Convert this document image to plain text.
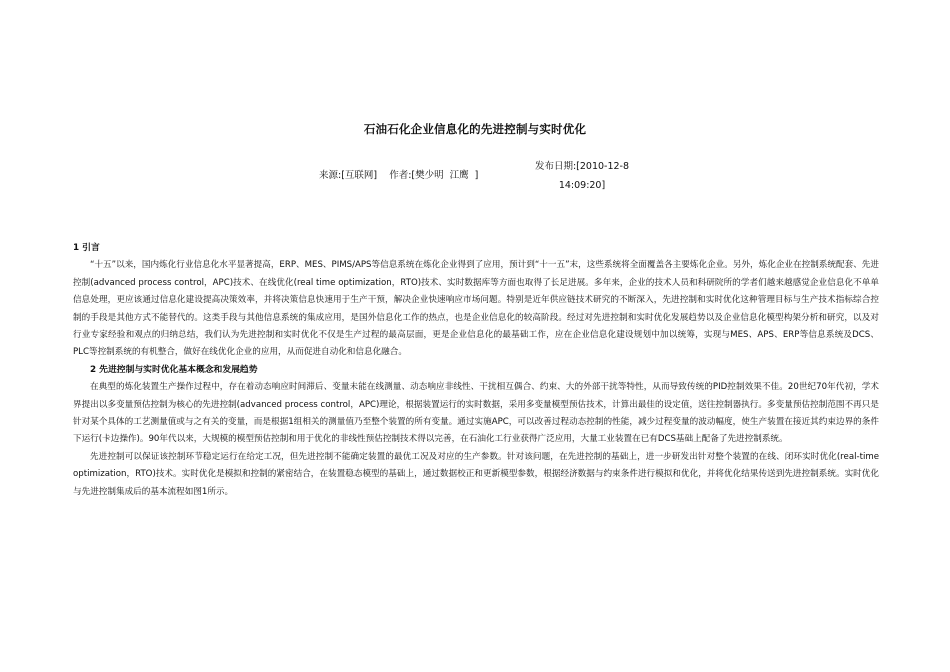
石油石化企业信息化的先进控制与实时优化
来源:[互联网]    作者:[樊少明  江鹰  ]
发布日期:[2010-12-8
14:09:20]
1 引言

“十五”以来，国内炼化行业信息化水平显著提高，ERP、MES、PIMS/APS等信息系统在炼化企业得到了应用，预计到“十一五”末，这些系统将全面覆盖各主要炼化企业。另外，炼化企业在控制系统配套、先进控制(advanced process control，APC)技术、在线优化(real time optimization，RTO)技术、实时数据库等方面也取得了长足进展。多年来，企业的技术人员和科研院所的学者们越来越感觉企业信息化不单单信息处理，更应该通过信息化建设提高决策效率，并将决策信息快速用于生产干预，解决企业快速响应市场问题。特别是近年供应链技术研究的不断深入，先进控制和实时优化这种管理目标与生产技术指标综合控制的手段是其他方式不能替代的。这类手段与其他信息系统的集成应用，是国外信息化工作的热点，也是企业信息化的较高阶段。经过对先进控制和实时优化发展趋势以及企业信息化模型构架分析和研究，以及对行业专家经验和观点的归纳总结，我们认为先进控制和实时优化不仅是生产过程的最高层面，更是企业信息化的最基础工作，应在企业信息化建设规划中加以统筹，实现与MES、APS、ERP等信息系统及DCS、PLC等控制系统的有机整合，做好在线优化企业的应用，从而促进自动化和信息化融合。

2 先进控制与实时优化基本概念和发展趋势

在典型的炼化装置生产操作过程中，存在着动态响应时间滞后、变量未能在线测量、动态响应非线性、干扰相互偶合、约束、大的外部干扰等特性，从而导致传统的PID控制效果不佳。20世纪70年代初，学术界提出以多变量预估控制为核心的先进控制(advanced process control，APC)理论，根据装置运行的实时数据，采用多变量模型预估技术，计算出最佳的设定值，送往控制器执行。多变量预估控制范围不再只是针对某个具体的工艺测量值或与之有关的变量，而是根据1组相关的测量值乃至整个装置的所有变量。通过实施APC，可以改善过程动态控制的性能，减少过程变量的波动幅度，使生产装置在接近其约束边界的条件下运行(卡边操作)。90年代以来，大规模的模型预估控制和用于优化的非线性预估控制技术得以完善，在石油化工行业获得广泛应用，大量工业装置在已有DCS基础上配备了先进控制系统。

先进控制可以保证该控制环节稳定运行在给定工况，但先进控制不能确定装置的最优工况及对应的生产参数。针对该问题，在先进控制的基础上，进一步研发出针对整个装置的在线、闭环实时优化(real-time optimization，RTO)技术。实时优化是模拟和控制的紧密结合，在装置稳态模型的基础上，通过数据校正和更新模型参数，根据经济数据与约束条件进行模拟和优化，并将优化结果传送到先进控制系统。实时优化与先进控制集成后的基本流程如图1所示。
